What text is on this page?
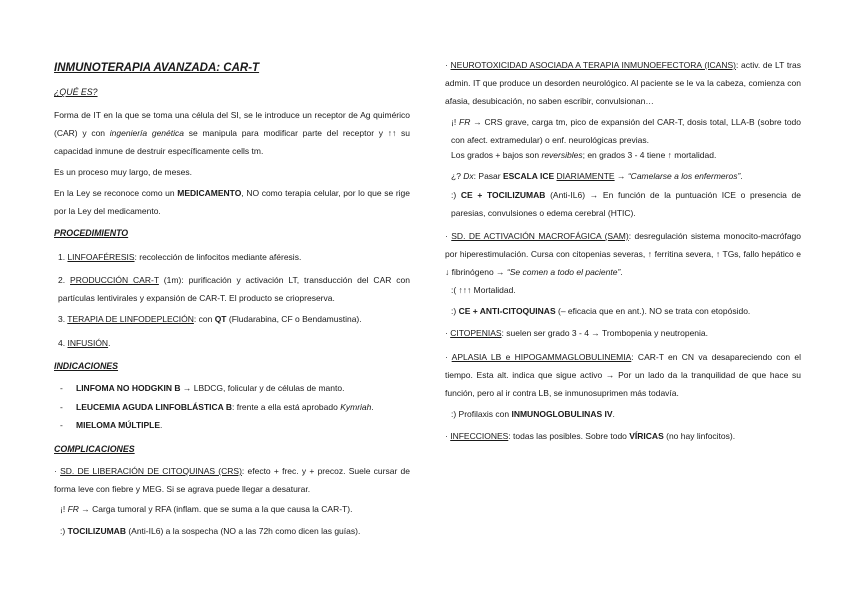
INMUNOTERAPIA AVANZADA: CAR-T
¿QUÉ ES?
Forma de IT en la que se toma una célula del SI, se le introduce un receptor de Ag quimérico (CAR) y con ingeniería genética se manipula para modificar parte del receptor y ↑↑ su capacidad inmune de destruir específicamente cells tm.
Es un proceso muy largo, de meses.
En la Ley se reconoce como un MEDICAMENTO, NO como terapia celular, por lo que se rige por la Ley del medicamento.
PROCEDIMIENTO
1. LINFOAFÉRESIS: recolección de linfocitos mediante aféresis.
2. PRODUCCIÓN CAR-T (1m): purificación y activación LT, transducción del CAR con partículas lentivirales y expansión de CAR-T. El producto se criopreserva.
3. TERAPIA DE LINFODEPLECIÓN: con QT (Fludarabina, CF o Bendamustina).
4. INFUSIÓN.
INDICACIONES
- LINFOMA NO HODGKIN B → LBDCG, folicular y de células de manto.
- LEUCEMIA AGUDA LINFOBLÁSTICA B: frente a ella está aprobado Kymriah.
- MIELOMA MÚLTIPLE.
COMPLICACIONES
· SD. DE LIBERACIÓN DE CITOQUINAS (CRS): efecto + frec. y + precoz. Suele cursar de forma leve con fiebre y MEG. Si se agrava puede llegar a desaturar.
¡! FR → Carga tumoral y RFA (inflam. que se suma a la que causa la CAR-T).
:) TOCILIZUMAB (Anti-IL6) a la sospecha (NO a las 72h como dicen las guías).
· NEUROTOXICIDAD ASOCIADA A TERAPIA INMUNOEFECTORA (ICANS): activ. de LT tras admin. IT que produce un desorden neurológico. Al paciente se le va la cabeza, comienza con afasia, desubicación, no saben escribir, convulsionan…
¡! FR → CRS grave, carga tm, pico de expansión del CAR-T, dosis total, LLA-B (sobre todo con afect. extramedular) o enf. neurológicas previas.
Los grados + bajos son reversibles; en grados 3 - 4 tiene ↑ mortalidad.
¿? Dx: Pasar ESCALA ICE DIARIAMENTE → “Camelarse a los enfermeros”.
:) CE + TOCILIZUMAB (Anti-IL6) → En función de la puntuación ICE o presencia de paresias, convulsiones o edema cerebral (HTIC).
· SD. DE ACTIVACIÓN MACROFÁGICA (SAM): desregulación sistema monocito-macrófago por hiperestimulación. Cursa con citopenias severas, ↑ ferritina severa, ↑ TGs, fallo hepático e ↓ fibrinógeno → “Se comen a todo el paciente”.
:( ↑↑↑ Mortalidad.
:) CE + ANTI-CITOQUINAS (– eficacia que en ant.). NO se trata con etopósido.
· CITOPENIAS: suelen ser grado 3 - 4 → Trombopenia y neutropenia.
· APLASIA LB e HIPOGAMMAGLOBULINEMIA: CAR-T en CN va desapareciendo con el tiempo. Esta alt. indica que sigue activo → Por un lado da la tranquilidad de que hace su función, pero al ir contra LB, se inmunosuprimen más todavía.
:) Profilaxis con INMUNOGLOBULINAS IV.
· INFECCIONES: todas las posibles. Sobre todo VÍRICAS (no hay linfocitos).
